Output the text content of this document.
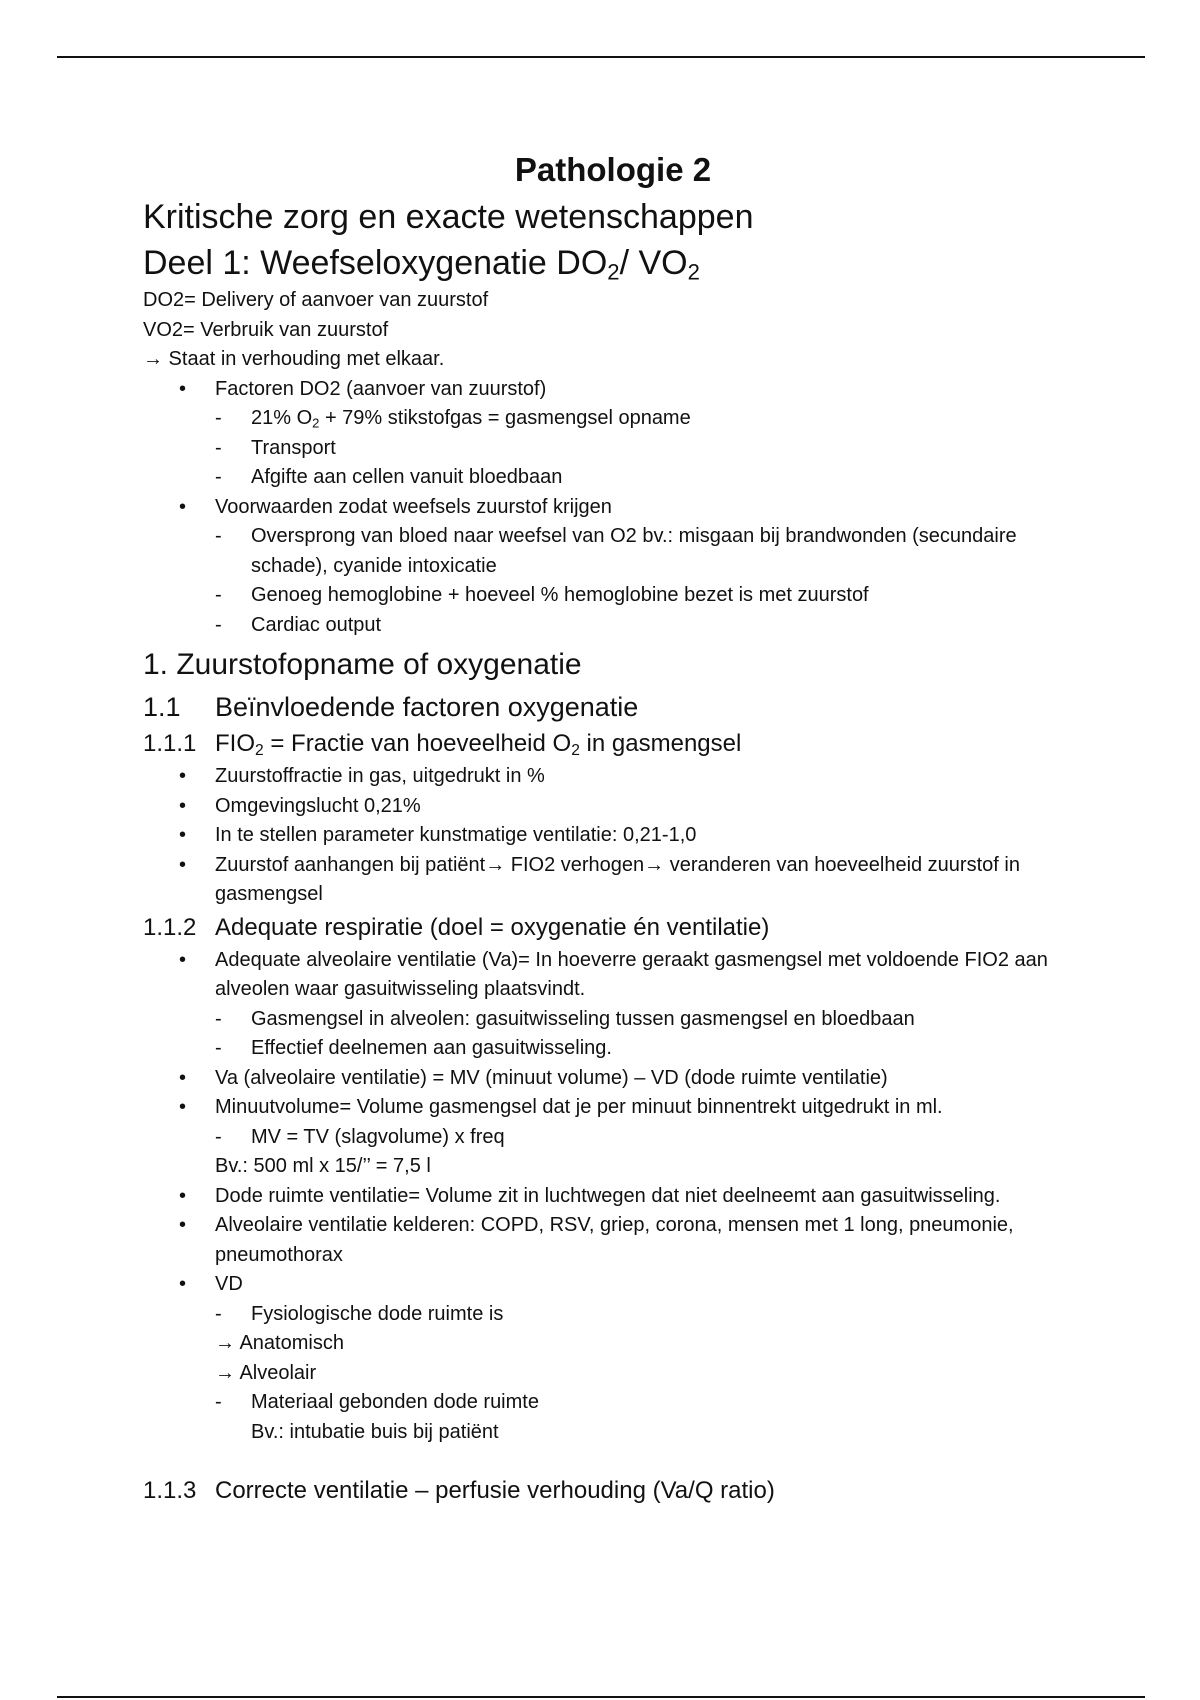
Pathologie 2
Kritische zorg en exacte wetenschappen
Deel 1: Weefseloxygenatie $DO_2/$ $VO_2$

DO2= Delivery of aanvoer van zuurstof

VO2= Verbruik van zuurstof

→ Staat in verhouding met elkaar.

• Factoren DO2 (aanvoer van zuurstof)
- 21% $O_2 + 79\%$ stikstofgas = gasmengsel opname
- Transport
- Afgifte aan cellen vanuit bloedbaan
• Voorwaarden zodat weefsels zuurstof krijgen
- Oversprong van bloed naar weefsel van O2 bv.: misgaan bij brandwonden (secundaire schade), cyanide intoxicatie
- Genoeg hemoglobine + hoeveel % hemoglobine bezet is met zuurstof
- Cardiac output
1. Zuurstofopname of oxygenatie
1.1	Beïnvloedende factoren oxygenatie
1.1.1 $FIO_2$ = Fractie van hoeveelheid $O_2$ in gasmengsel
• Zuurstoffractie in gas, uitgedrukt in %
• Omgevingslucht 0,21%
• In te stellen parameter kunstmatige ventilatie: 0,21-1,0
• Zuurstof aanhangen bij patiënt→ FIO2 verhogen→ veranderen van hoeveelheid zuurstof in gasmengsel
1.1.2 Adequate respiratie (doel = oxygenatie én ventilatie)
• Adequate alveolaire ventilatie (Va)= In hoeverre geraakt gasmengsel met voldoende FIO2 aan alveolen waar gasuitwisseling plaatsvindt.
- Gasmengsel in alveolen: gasuitwisseling tussen gasmengsel en bloedbaan
- Effectief deelnemen aan gasuitwisseling.
• Va (alveolaire ventilatie) = MV (minuut volume) – VD (dode ruimte ventilatie)
• Minuutvolume= Volume gasmengsel dat je per minuut binnentrekt uitgedrukt in ml.
- MV = TV (slagvolume) x freq
Bv.: 500 ml x 15/’’ = 7,5 l
• Dode ruimte ventilatie= Volume zit in luchtwegen dat niet deelneemt aan gasuitwisseling.
• Alveolaire ventilatie kelderen: COPD, RSV, griep, corona, mensen met 1 long, pneumonie, pneumothorax
• VD
- Fysiologische dode ruimte is
→ Anatomisch
→ Alveolair
- Materiaal gebonden dode ruimte
Bv.: intubatie buis bij patiënt
1.1.3 Correcte ventilatie – perfusie verhouding (Va/Q ratio)
